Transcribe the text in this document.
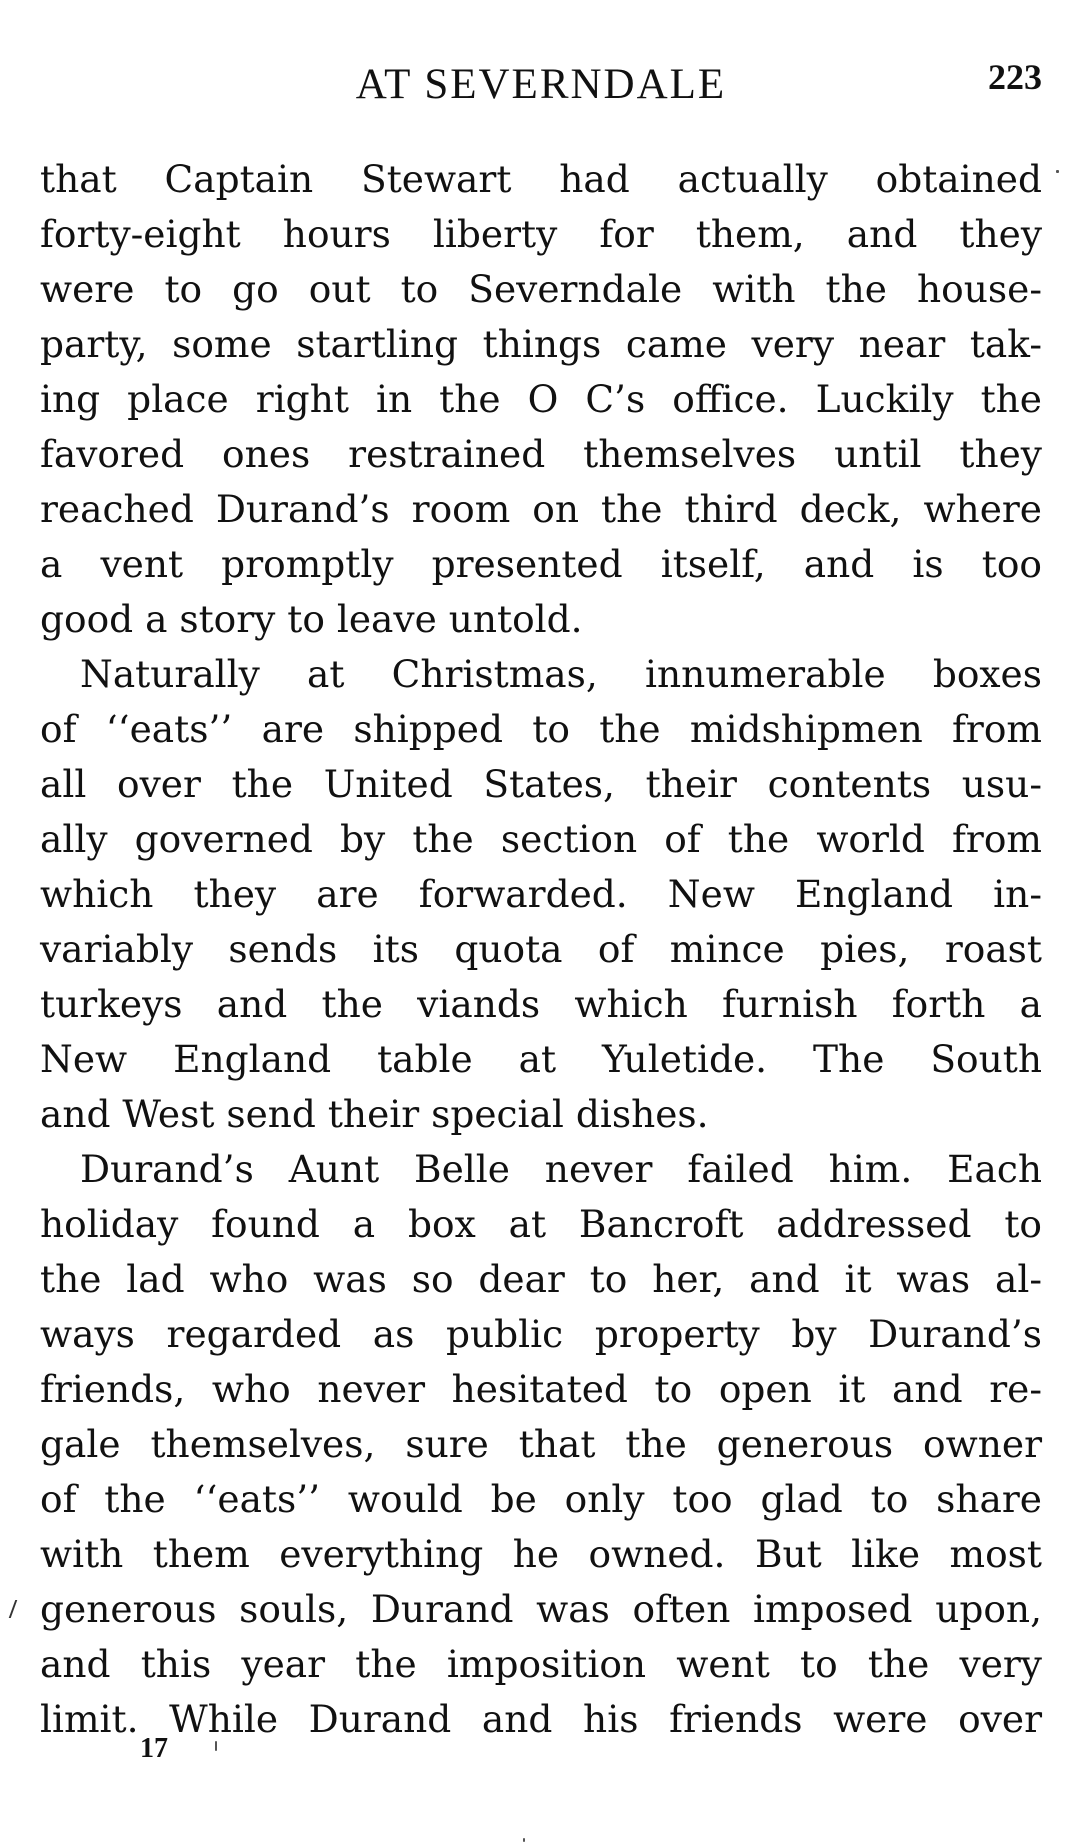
AT SEVERNDALE	223
that Captain Stewart had actually obtained
forty-eight hours liberty for them, and they
were to go out to Severndale with the house-
party, some startling things came very near tak-
ing place right in the O C’s office. Luckily the
favored ones restrained themselves until they
reached Durand’s room on the third deck, where
a vent promptly presented itself, and is too
good a story to leave untold.
Naturally at Christmas, innumerable boxes
of ‘‘eats’’ are shipped to the midshipmen from
all over the United States, their contents usu-
ally governed by the section of the world from
which they are forwarded. New England in-
variably sends its quota of mince pies, roast
turkeys and the viands which furnish forth a
New England table at Yuletide. The South
and West send their special dishes.
Durand’s Aunt Belle never failed him. Each
holiday found a box at Bancroft addressed to
the lad who was so dear to her, and it was al-
ways regarded as public property by Durand’s
friends, who never hesitated to open it and re-
gale themselves, sure that the generous owner
of the ‘‘eats’’ would be only too glad to share
with them everything he owned. But like most
generous souls, Durand was often imposed upon,
and this year the imposition went to the very
limit. While Durand and his friends were over
17
